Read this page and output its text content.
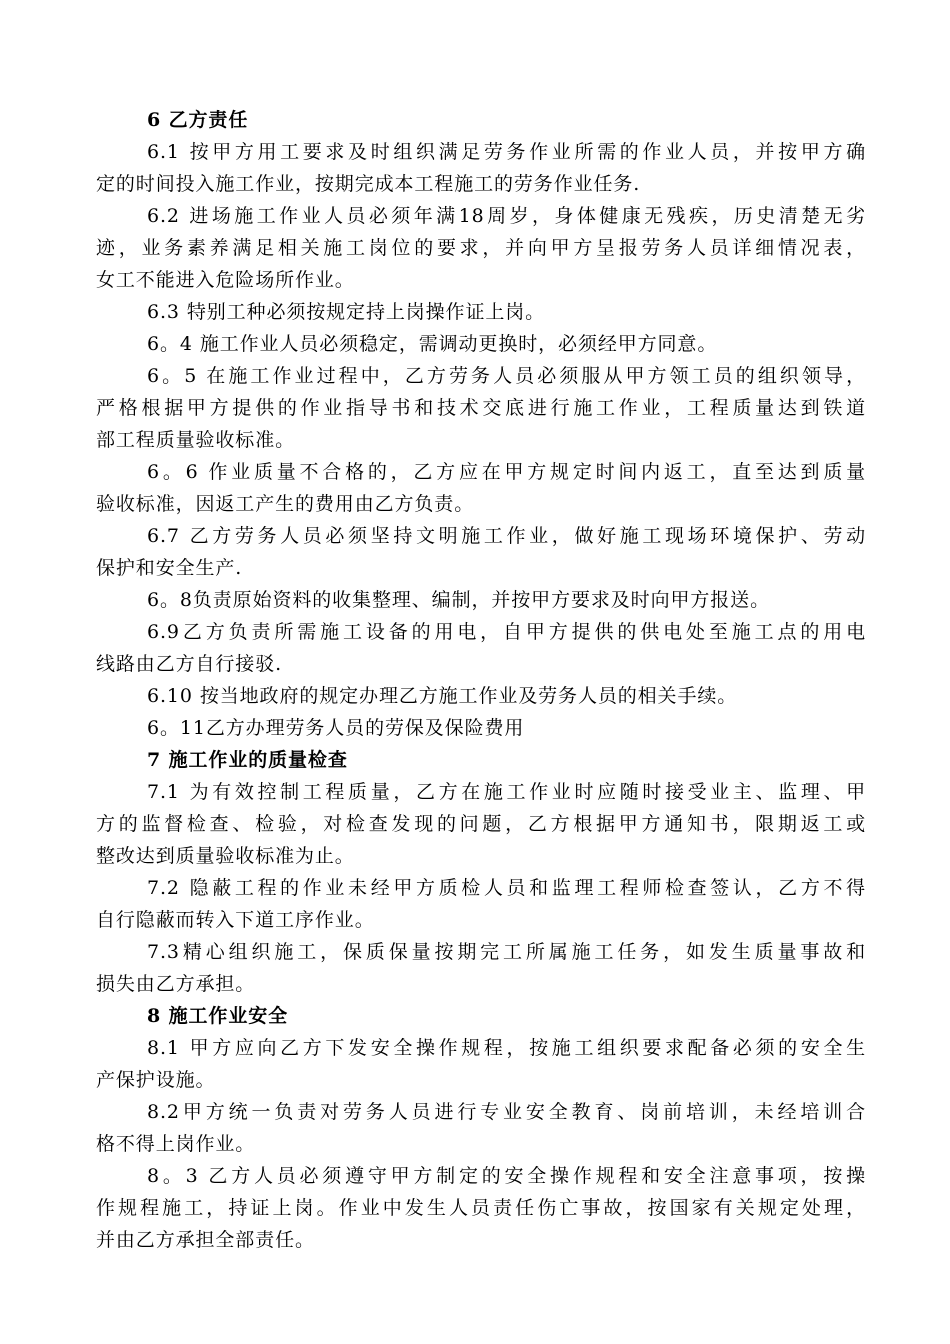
6 乙方责任
6.1 按甲方用工要求及时组织满足劳务作业所需的作业人员，并按甲方确
定的时间投入施工作业，按期完成本工程施工的劳务作业任务.
6.2 进场施工作业人员必须年满18周岁，身体健康无残疾，历史清楚无劣
迹，业务素养满足相关施工岗位的要求，并向甲方呈报劳务人员详细情况表，
女工不能进入危险场所作业。
6.3 特别工种必须按规定持上岗操作证上岗。
6。4 施工作业人员必须稳定，需调动更换时，必须经甲方同意。
6。5 在施工作业过程中，乙方劳务人员必须服从甲方领工员的组织领导，
严格根据甲方提供的作业指导书和技术交底进行施工作业，工程质量达到铁道
部工程质量验收标准。
6。6 作业质量不合格的，乙方应在甲方规定时间内返工，直至达到质量
验收标准，因返工产生的费用由乙方负责。
6.7 乙方劳务人员必须坚持文明施工作业，做好施工现场环境保护、劳动
保护和安全生产.
6。8负责原始资料的收集整理、编制，并按甲方要求及时向甲方报送。
6.9乙方负责所需施工设备的用电，自甲方提供的供电处至施工点的用电
线路由乙方自行接驳.
6.10 按当地政府的规定办理乙方施工作业及劳务人员的相关手续。
6。11乙方办理劳务人员的劳保及保险费用
7 施工作业的质量检查
7.1 为有效控制工程质量，乙方在施工作业时应随时接受业主、监理、甲
方的监督检查、检验，对检查发现的问题，乙方根据甲方通知书，限期返工或
整改达到质量验收标准为止。
7.2 隐蔽工程的作业未经甲方质检人员和监理工程师检查签认，乙方不得
自行隐蔽而转入下道工序作业。
7.3精心组织施工，保质保量按期完工所属施工任务，如发生质量事故和
损失由乙方承担。
8 施工作业安全
8.1 甲方应向乙方下发安全操作规程，按施工组织要求配备必须的安全生
产保护设施。
8.2甲方统一负责对劳务人员进行专业安全教育、岗前培训，未经培训合
格不得上岗作业。
8。3 乙方人员必须遵守甲方制定的安全操作规程和安全注意事项，按操
作规程施工，持证上岗。作业中发生人员责任伤亡事故，按国家有关规定处理，
并由乙方承担全部责任。
